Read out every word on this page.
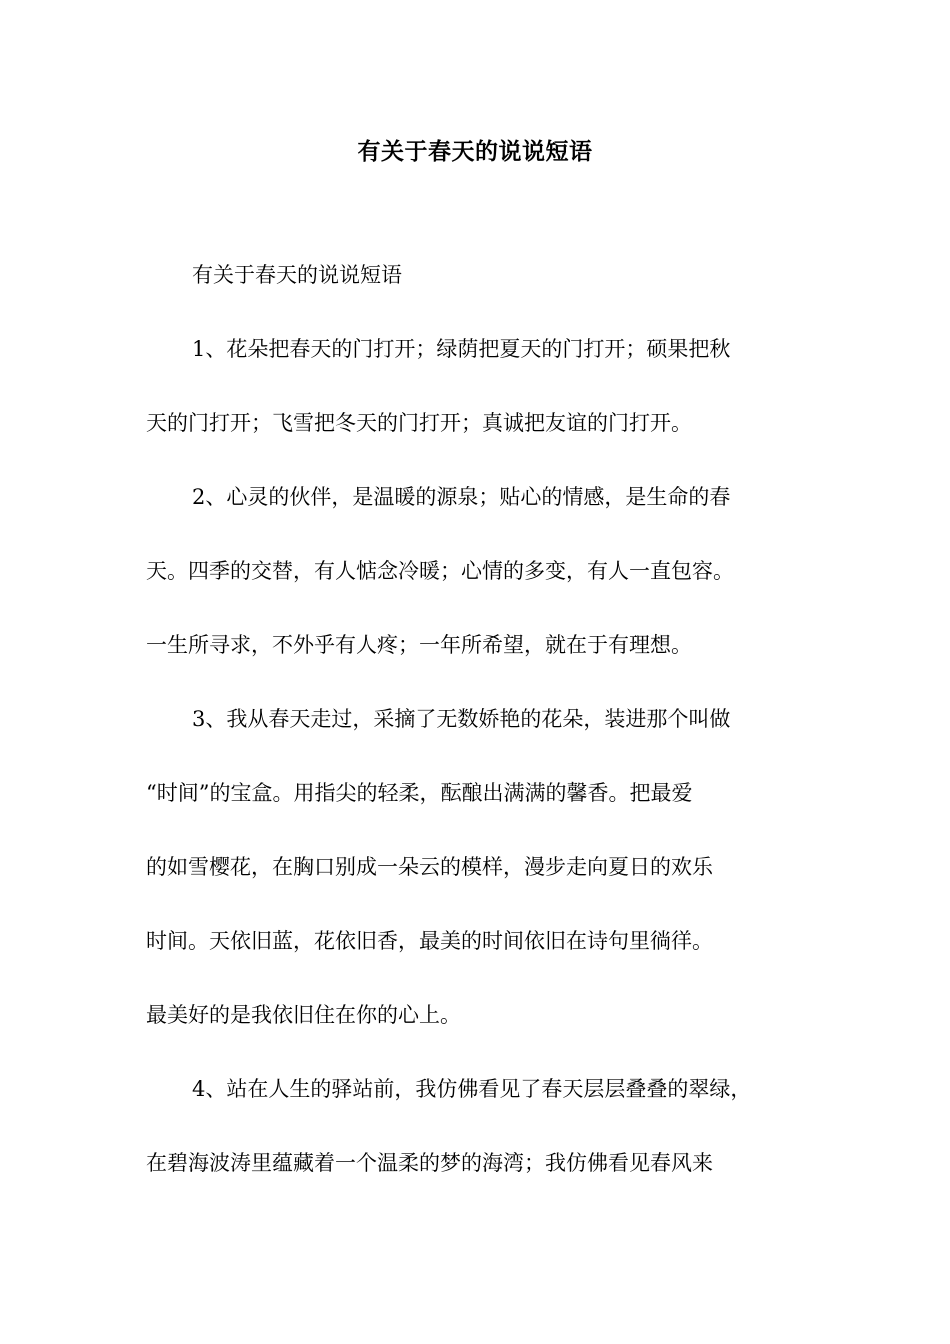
有关于春天的说说短语
有关于春天的说说短语
1、花朵把春天的门打开；绿荫把夏天的门打开；硕果把秋
天的门打开；飞雪把冬天的门打开；真诚把友谊的门打开。
2、心灵的伙伴，是温暖的源泉；贴心的情感，是生命的春
天。四季的交替，有人惦念冷暖；心情的多变，有人一直包容。
一生所寻求，不外乎有人疼；一年所希望，就在于有理想。
3、我从春天走过，采摘了无数娇艳的花朵，装进那个叫做
“时间”的宝盒。用指尖的轻柔，酝酿出满满的馨香。把最爱
的如雪樱花，在胸口别成一朵云的模样，漫步走向夏日的欢乐
时间。天依旧蓝，花依旧香，最美的时间依旧在诗句里徜徉。
最美好的是我依旧住在你的心上。
4、站在人生的驿站前，我仿佛看见了春天层层叠叠的翠绿，
在碧海波涛里蕴藏着一个温柔的梦的海湾；我仿佛看见春风来
